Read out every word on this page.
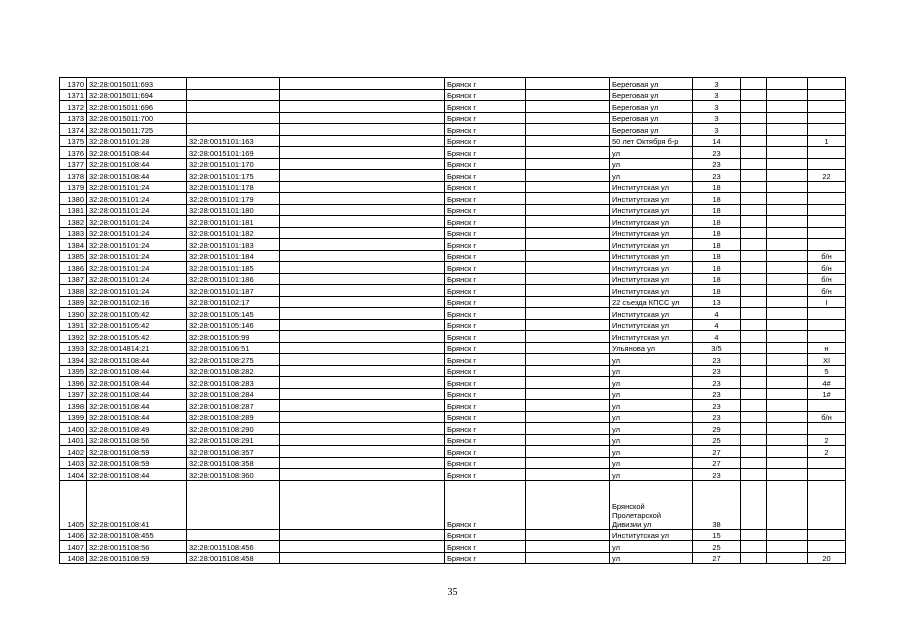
1370	32:28:0015011:693			Брянск г		Береговая ул	3			
1371	32:28:0015011:694			Брянск г		Береговая ул	3			
1372	32:28:0015011:696			Брянск г		Береговая ул	3			
1373	32:28:0015011:700			Брянск г		Береговая ул	3			
1374	32:28:0015011:725			Брянск г		Береговая ул	3			
1375	32:28:0015101:28	32:28:0015101:163		Брянск г		50 лет Октября б-р	14			1
1376	32:28:0015108:44	32:28:0015101:169		Брянск г		ул	23			
1377	32:28:0015108:44	32:28:0015101:170		Брянск г		ул	23			
1378	32:28:0015108:44	32:28:0015101:175		Брянск г		ул	23			22
1379	32:28:0015101:24	32:28:0015101:178		Брянск г		Институтская ул	18			
1380	32:28:0015101:24	32:28:0015101:179		Брянск г		Институтская ул	18			
1381	32:28:0015101:24	32:28:0015101:180		Брянск г		Институтская ул	18			
1382	32:28:0015101:24	32:28:0015101:181		Брянск г		Институтская ул	18			
1383	32:28:0015101:24	32:28:0015101:182		Брянск г		Институтская ул	18			
1384	32:28:0015101:24	32:28:0015101:183		Брянск г		Институтская ул	18			
1385	32:28:0015101:24	32:28:0015101:184		Брянск г		Институтская ул	18			б/н
1386	32:28:0015101:24	32:28:0015101:185		Брянск г		Институтская ул	18			б/н
1387	32:28:0015101:24	32:28:0015101:186		Брянск г		Институтская ул	18			б/н
1388	32:28:0015101:24	32:28:0015101:187		Брянск г		Институтская ул	18			б/н
1389	32:28:0015102:16	32:28:0015102:17		Брянск г		22 съезда КПСС ул	13			I
1390	32:28:0015105:42	32:28:0015105:145		Брянск г		Институтская ул	4			
1391	32:28:0015105:42	32:28:0015105:146		Брянск г		Институтская ул	4			
1392	32:28:0015105:42	32:28:0015105:99		Брянск г		Институтская ул	4			
1393	32:28:0014814:21	32:28:0015106:51		Брянск г		Ульянова ул	3/5			н
1394	32:28:0015108:44	32:28:0015108:275		Брянск г		ул	23			XI
1395	32:28:0015108:44	32:28:0015108:282		Брянск г		ул	23			5
1396	32:28:0015108:44	32:28:0015108:283		Брянск г		ул	23			4#
1397	32:28:0015108:44	32:28:0015108:284		Брянск г		ул	23			1#
1398	32:28:0015108:44	32:28:0015108:287		Брянск г		ул	23			
1399	32:28:0015108:44	32:28:0015108:289		Брянск г		ул	23			б/н
1400	32:28:0015108:49	32:28:0015108:290		Брянск г		ул	29			
1401	32:28:0015108:56	32:28:0015108:291		Брянск г		ул	25			2
1402	32:28:0015108:59	32:28:0015108:357		Брянск г		ул	27			2
1403	32:28:0015108:59	32:28:0015108:358		Брянск г		ул	27			
1404	32:28:0015108:44	32:28:0015108:360		Брянск г		ул	23			
1405	32:28:0015108:41			Брянск г		Брянской Пролетарской Дивизии ул	38			
1406	32:28:0015108:455			Брянск г		Институтская ул	15			
1407	32:28:0015108:56	32:28:0015108:456		Брянск г		ул	25			
1408	32:28:0015108:59	32:28:0015108:458		Брянск г		ул	27			20
35
